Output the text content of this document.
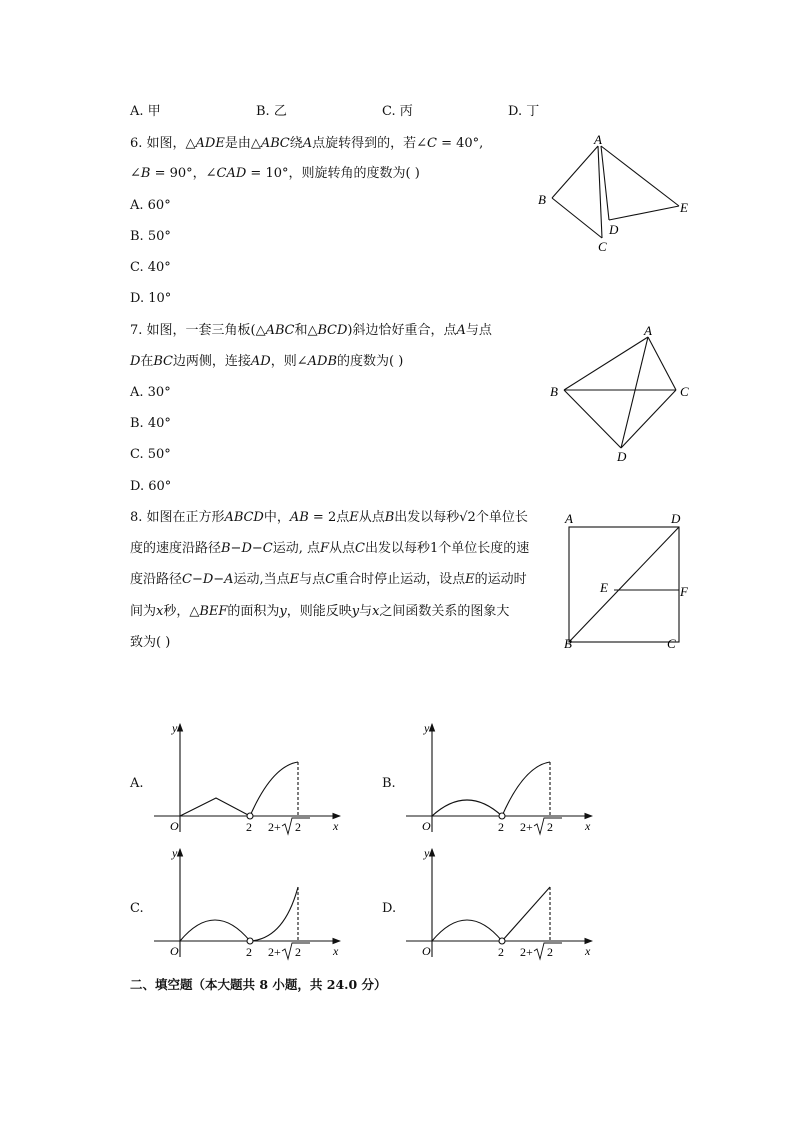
A. 甲	B. 乙	C. 丙	D. 丁
6. 如图，△𝐴𝐷𝐸是由△𝐴𝐵𝐶绕𝐴点旋转得到的，若∠𝐶 = 40°,
∠𝐵 = 90°，∠𝐶𝐴𝐷 = 10°，则旋转角的度数为( )
A. 60°
B. 50°
C. 40°
D. 10°
A
B
C
D
E
7. 如图，一套三角板(△𝐴𝐵𝐶和△𝐵𝐶𝐷)斜边恰好重合，点𝐴与点
𝐷在𝐵𝐶边两侧，连接𝐴𝐷，则∠𝐴𝐷𝐵的度数为( )
A. 30°
B. 40°
C. 50°
D. 60°
A
B	C
D
8. 如图在正方形𝐴𝐵𝐶𝐷中，𝐴𝐵 = 2点𝐸从点𝐵出发以每秒√2个单位长
度的速度沿路径𝐵−𝐷−𝐶运动, 点𝐹从点𝐶出发以每秒1个单位长度的速
度沿路径𝐶−𝐷−𝐴运动,当点𝐸与点𝐶重合时停止运动，设点𝐸的运动时
间为𝑥秒，△𝐵𝐸𝐹的面积为𝑦，则能反映𝑦与𝑥之间函数关系的图象大
致为( )
A
B	C
D
E	F
A.	B.
C.	D.
y
x
O	2 2+ 2
y
x
O	2 2+ 2
y
x
O	2 2+ 2
y
x
O	2 2+ 2
二、填空题（本大题共 8 小题，共 24.0 分）
